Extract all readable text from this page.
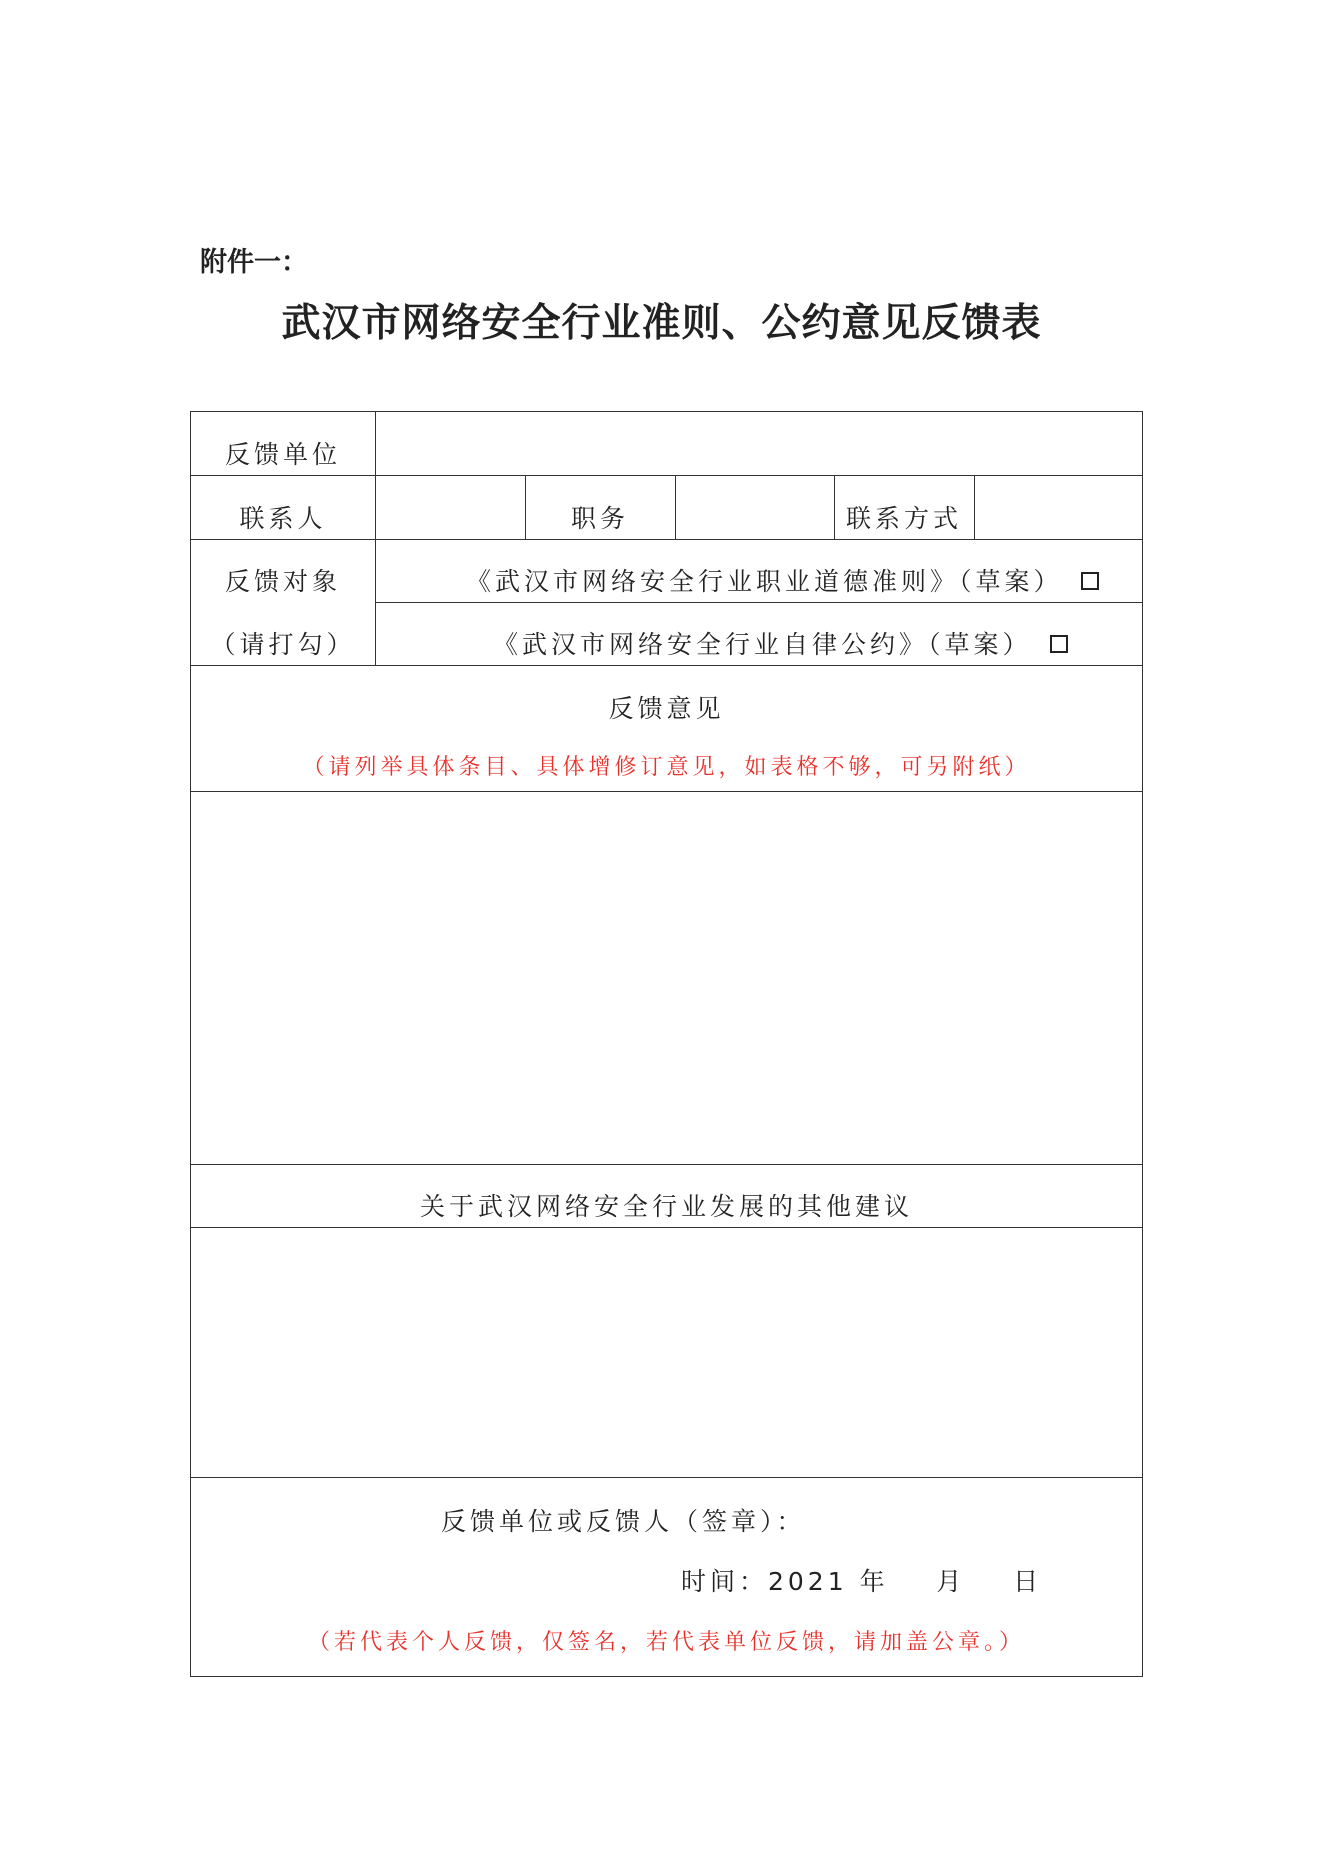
附件一：
武汉市网络安全行业准则、公约意见反馈表
反馈单位
联系人	职务	联系方式
反馈对象
（请打勾）
《武汉市网络安全行业职业道德准则》（草案）
《武汉市网络安全行业自律公约》（草案）
反馈意见
（请列举具体条目、具体增修订意见，如表格不够，可另附纸）
关于武汉网络安全行业发展的其他建议
反馈单位或反馈人（签章）：
时间：2021 年    月    日
（若代表个人反馈，仅签名，若代表单位反馈，请加盖公章。）
